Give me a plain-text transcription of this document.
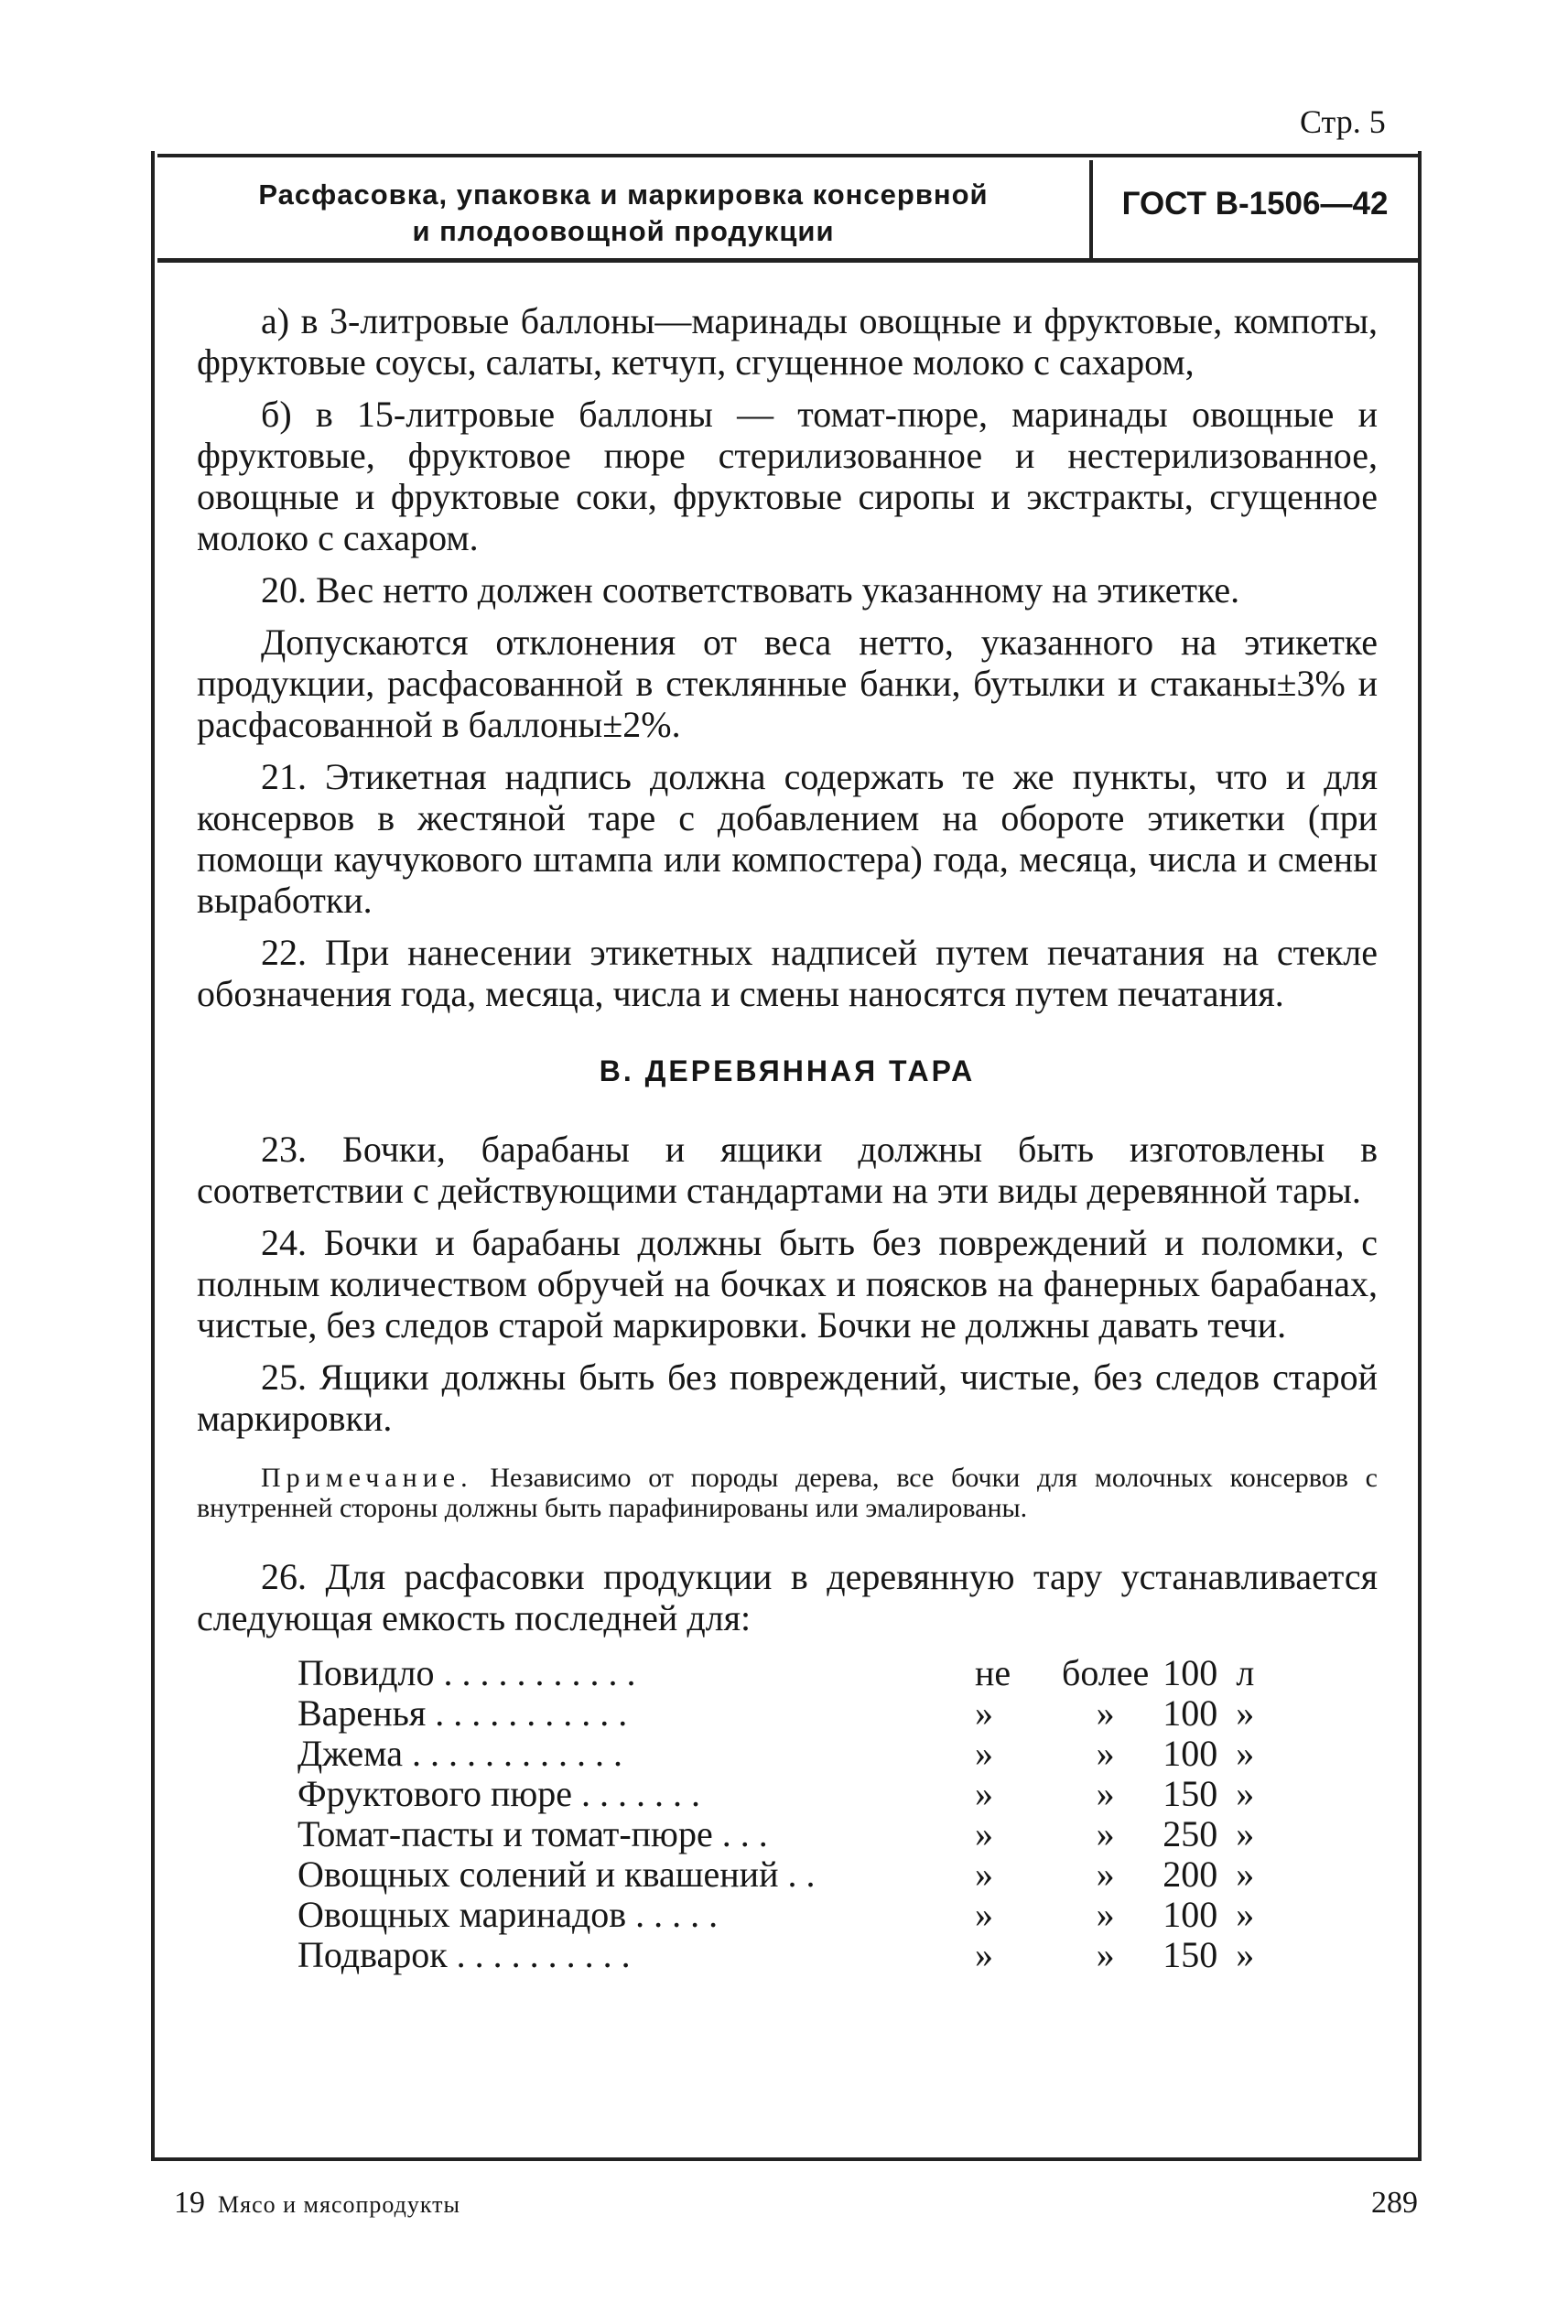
Стр. 5
Расфасовка, упаковка и маркировка консервной
и плодоовощной продукции
ГОСТ В-1506—42

а) в 3-литровые баллоны—маринады овощные и фруктовые, компоты, фруктовые соусы, салаты, кетчуп, сгущенное молоко с сахаром,

б) в 15-литровые баллоны — томат-пюре, маринады овощные и фруктовые, фруктовое пюре стерилизованное и нестерилизованное, овощные и фруктовые соки, фруктовые сиропы и экстракты, сгущенное молоко с сахаром.

20. Вес нетто должен соответствовать указанному на этикетке.

Допускаются отклонения от веса нетто, указанного на этикетке продукции, расфасованной в стеклянные банки, бутылки и стаканы±3% и расфасованной в баллоны±2%.

21. Этикетная надпись должна содержать те же пункты, что и для консервов в жестяной таре с добавлением на обороте этикетки (при помощи каучукового штампа или компостера) года, месяца, числа и смены выработки.

22. При нанесении этикетных надписей путем печатания на стекле обозначения года, месяца, числа и смены наносятся путем печатания.

В. ДЕРЕВЯННАЯ ТАРА

23. Бочки, барабаны и ящики должны быть изготовлены в соответствии с действующими стандартами на эти виды деревянной тары.

24. Бочки и барабаны должны быть без повреждений и поломки, с полным количеством обручей на бочках и поясков на фанерных барабанах, чистые, без следов старой маркировки. Бочки не должны давать течи.

25. Ящики должны быть без повреждений, чистые, без следов старой маркировки.

Примечание. Независимо от породы дерева, все бочки для молочных консервов с внутренней стороны должны быть парафинированы или эмалированы.

26. Для расфасовки продукции в деревянную тару устанавливается следующая емкость последней для:

Повидло . . . . . . . . . . .	не	более	100	л
Варенья . . . . . . . . . . .	»	»	100	»
Джема . . . . . . . . . . . .	»	»	100	»
Фруктового пюре . . . . . . .	»	»	150	»
Томат-пасты и томат-пюре . . .	»	»	250	»
Овощных солений и квашений . .	»	»	200	»
Овощных маринадов . . . . .	»	»	100	»
Подварок . . . . . . . . . .	»	»	150	»
19 Мясо и мясопродукты	289
